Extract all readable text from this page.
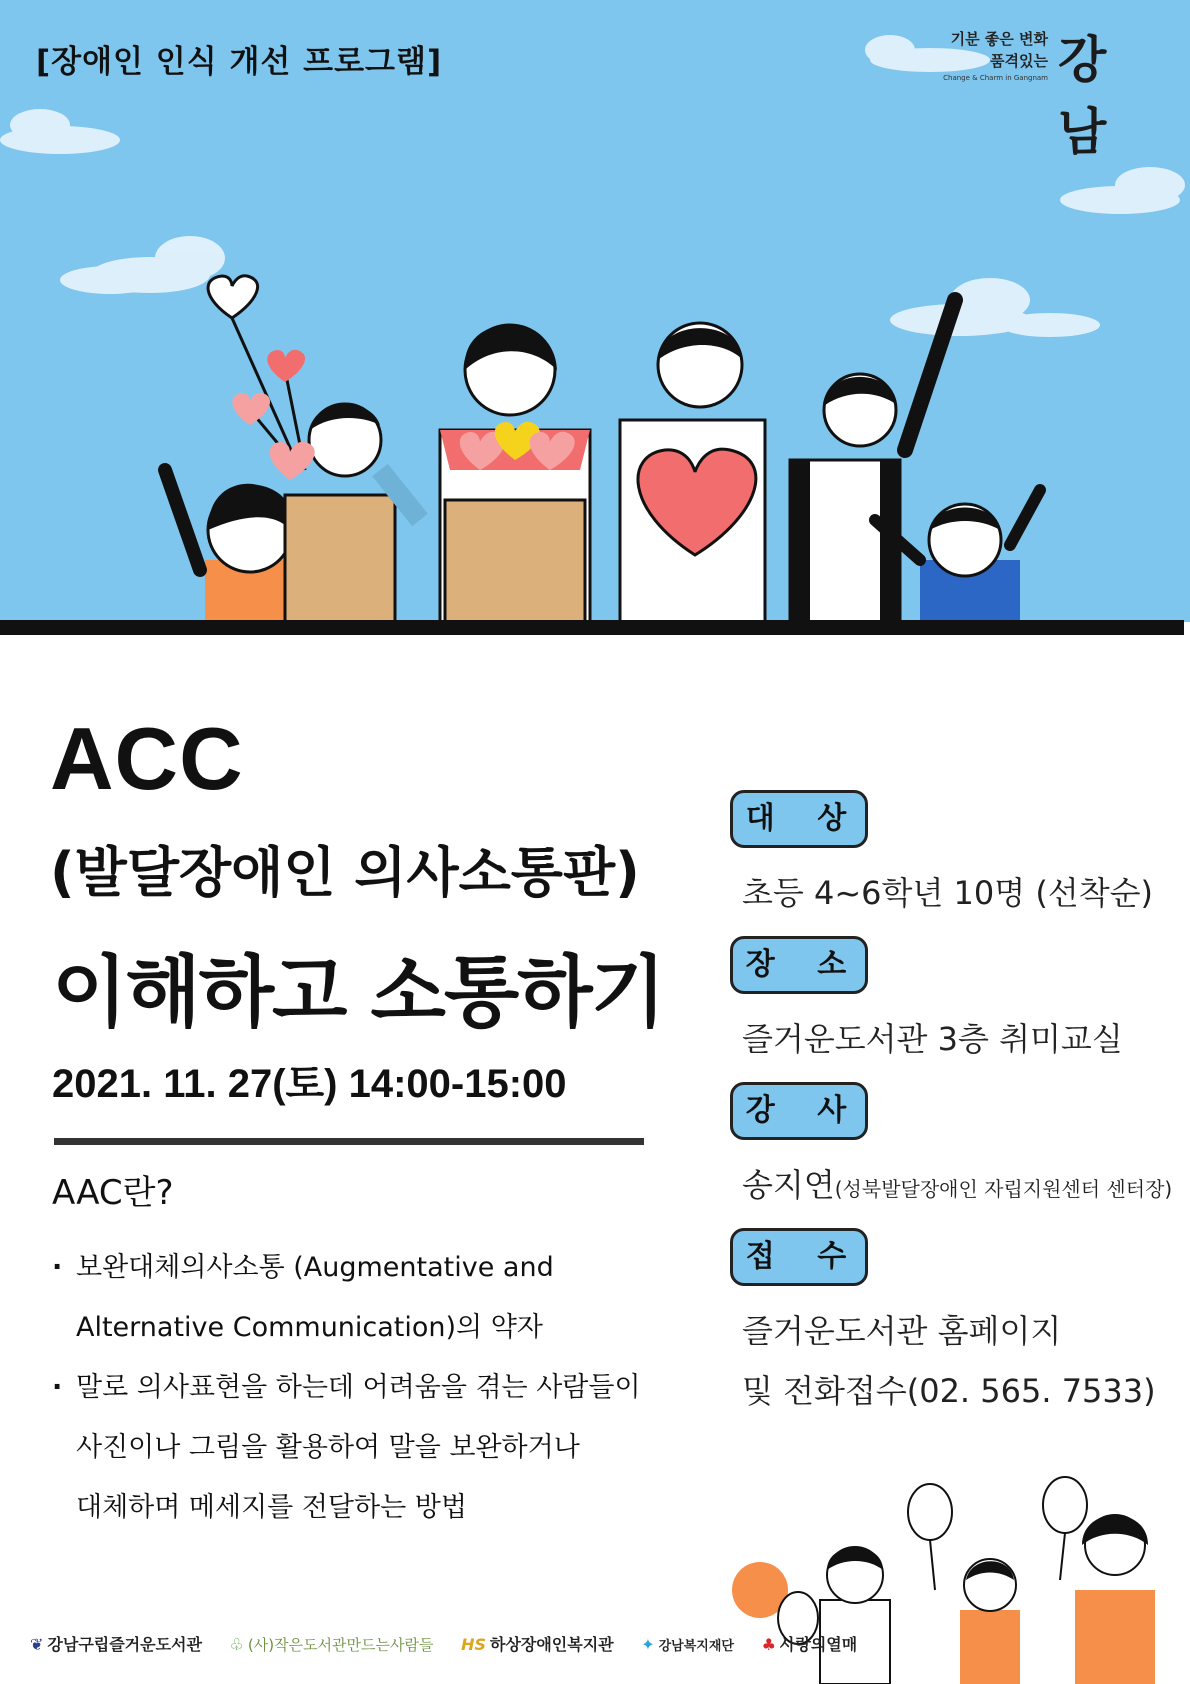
[장애인 인식 개선 프로그램]
기분 좋은 변화
품격있는
Change & Charm in Gangnam 강남
ACC
(발달장애인 의사소통판)
이해하고 소통하기
2021. 11. 27(토) 14:00-15:00
AAC란?
· 보완대체의사소통 (Augmentative and
Alternative Communication)의 약자
· 말로 의사표현을 하는데 어려움을 겪는 사람들이
사진이나 그림을 활용하여 말을 보완하거나
대체하며 메세지를 전달하는 방법
대 상
초등 4~6학년 10명 (선착순)
장 소
즐거운도서관 3층 취미교실
강 사
송지연(성북발달장애인 자립지원센터 센터장)
접 수
즐거운도서관 홈페이지
및 전화접수(02. 565. 7533)
❦ 강남구립즐거운도서관 ♧ (사)작은도서관만드는사람들 HS 하상장애인복지관 ✦ 강남복지재단 ♣ 사랑의열매
